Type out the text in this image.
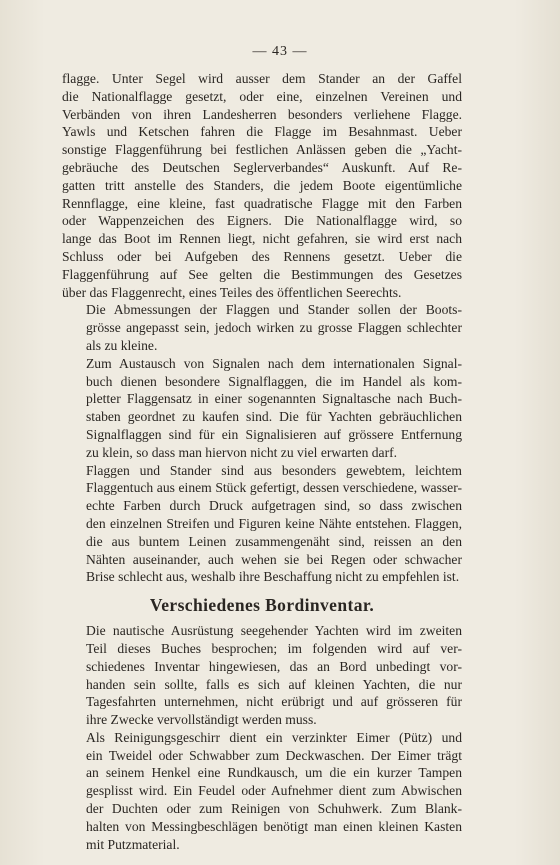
— 43 —

flagge. Unter Segel wird ausser dem Stander an der Gaffel
die Nationalflagge gesetzt, oder eine, einzelnen Vereinen und
Verbänden von ihren Landesherren besonders verliehene Flagge.
Yawls und Ketschen fahren die Flagge im Besahnmast. Ueber
sonstige Flaggenführung bei festlichen Anlässen geben die „Yacht-
gebräuche des Deutschen Seglerverbandes“ Auskunft. Auf Re-
gatten tritt anstelle des Standers, die jedem Boote eigentümliche
Rennflagge, eine kleine, fast quadratische Flagge mit den Farben
oder Wappenzeichen des Eigners. Die Nationalflagge wird, so
lange das Boot im Rennen liegt, nicht gefahren, sie wird erst nach
Schluss oder bei Aufgeben des Rennens gesetzt. Ueber die
Flaggenführung auf See gelten die Bestimmungen des Gesetzes
über das Flaggenrecht, eines Teiles des öffentlichen Seerechts.

Die Abmessungen der Flaggen und Stander sollen der Boots-
grösse angepasst sein, jedoch wirken zu grosse Flaggen schlechter
als zu kleine.

Zum Austausch von Signalen nach dem internationalen Signal-
buch dienen besondere Signalflaggen, die im Handel als kom-
pletter Flaggensatz in einer sogenannten Signaltasche nach Buch-
staben geordnet zu kaufen sind. Die für Yachten gebräuchlichen
Signalflaggen sind für ein Signalisieren auf grössere Entfernung
zu klein, so dass man hiervon nicht zu viel erwarten darf.

Flaggen und Stander sind aus besonders gewebtem, leichtem
Flaggentuch aus einem Stück gefertigt, dessen verschiedene, wasser-
echte Farben durch Druck aufgetragen sind, so dass zwischen
den einzelnen Streifen und Figuren keine Nähte entstehen. Flaggen,
die aus buntem Leinen zusammengenäht sind, reissen an den
Nähten auseinander, auch wehen sie bei Regen oder schwacher
Brise schlecht aus, weshalb ihre Beschaffung nicht zu empfehlen ist.

Verschiedenes Bordinventar.

Die nautische Ausrüstung seegehender Yachten wird im zweiten
Teil dieses Buches besprochen; im folgenden wird auf ver-
schiedenes Inventar hingewiesen, das an Bord unbedingt vor-
handen sein sollte, falls es sich auf kleinen Yachten, die nur
Tagesfahrten unternehmen, nicht erübrigt und auf grösseren für
ihre Zwecke vervollständigt werden muss.

Als Reinigungsgeschirr dient ein verzinkter Eimer (Pütz) und
ein Tweidel oder Schwabber zum Deckwaschen. Der Eimer trägt
an seinem Henkel eine Rundkausch, um die ein kurzer Tampen
gesplisst wird. Ein Feudel oder Aufnehmer dient zum Abwischen
der Duchten oder zum Reinigen von Schuhwerk. Zum Blank-
halten von Messingbeschlägen benötigt man einen kleinen Kasten
mit Putzmaterial.
